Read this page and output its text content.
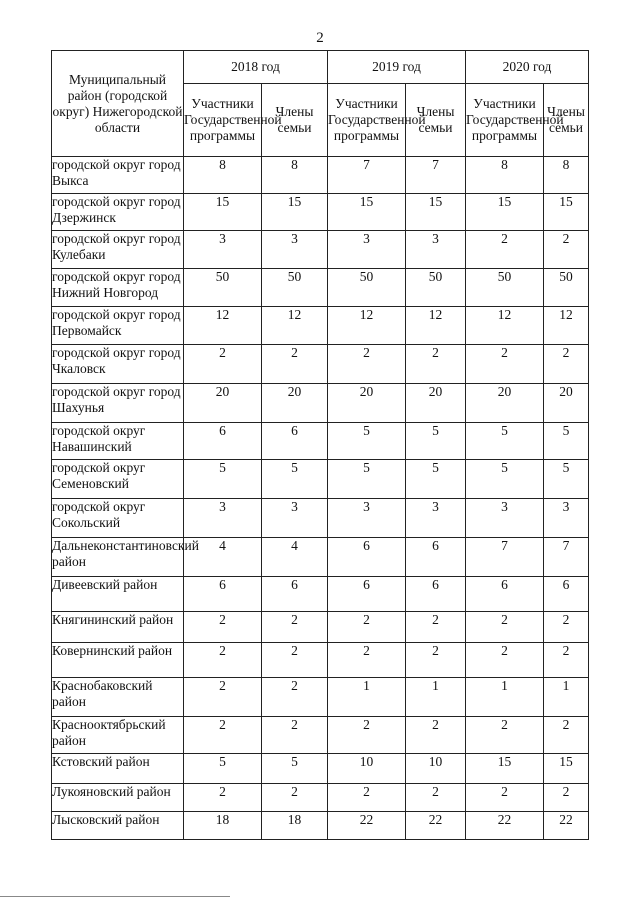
2
Муниципальный район (городской округ) Нижегородской области	2018 год		2019 год		2020 год	
	Участники Государственной программы	Члены семьи	Участники Государственной программы	Члены семьи	Участники Государственной программы	Члены семьи
городской округ город Выкса	8	8	7	7	8	8
городской округ город Дзержинск	15	15	15	15	15	15
городской округ город Кулебаки	3	3	3	3	2	2
городской округ город Нижний Новгород	50	50	50	50	50	50
городской округ город Первомайск	12	12	12	12	12	12
городской округ город Чкаловск	2	2	2	2	2	2
городской округ город Шахунья	20	20	20	20	20	20
городской округ Навашинский	6	6	5	5	5	5
городской округ Семеновский	5	5	5	5	5	5
городской округ Сокольский	3	3	3	3	3	3
Дальнеконстантиновский район	4	4	6	6	7	7
Дивеевский район	6	6	6	6	6	6
Княгининский район	2	2	2	2	2	2
Ковернинский район	2	2	2	2	2	2
Краснобаковский район	2	2	1	1	1	1
Краснооктябрьский район	2	2	2	2	2	2
Кстовский район	5	5	10	10	15	15
Лукояновский район	2	2	2	2	2	2
Лысковский район	18	18	22	22	22	22
